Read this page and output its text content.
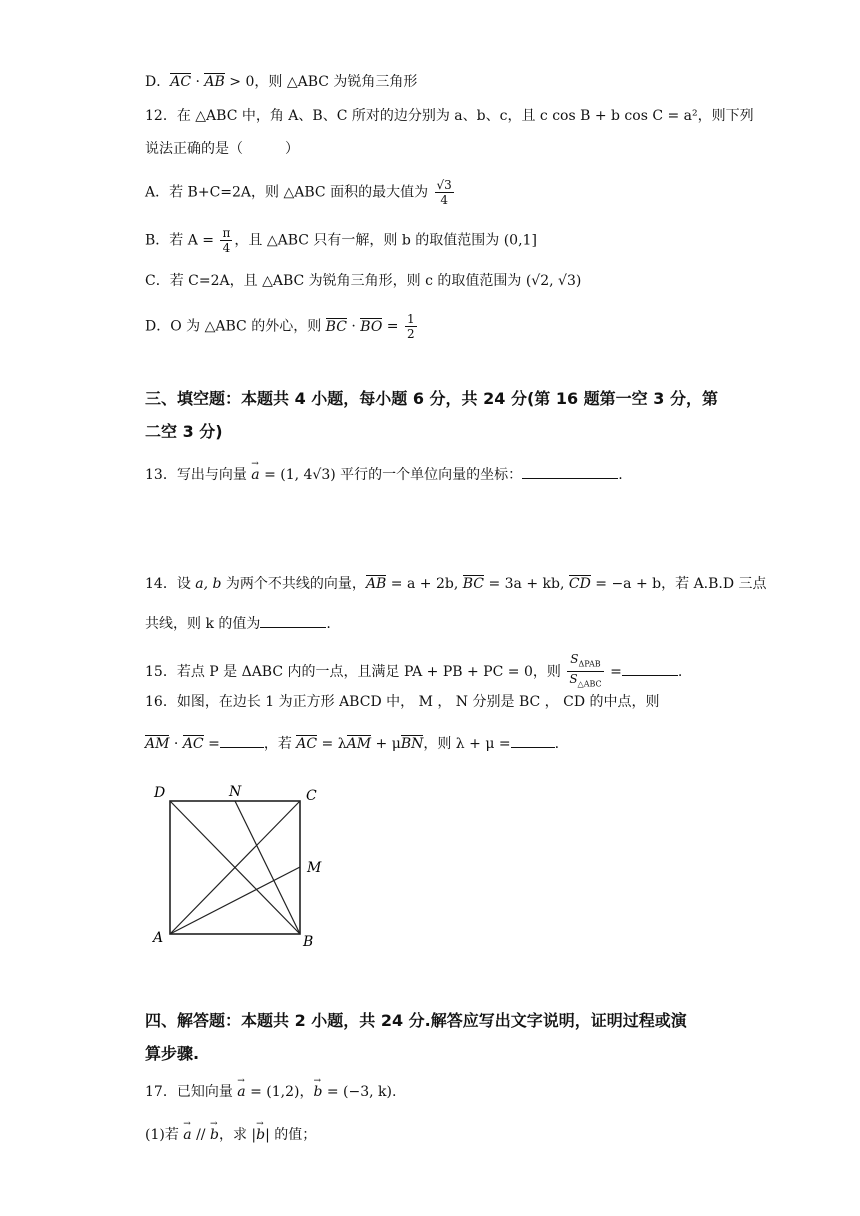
D．AC · AB > 0，则 △ABC 为锐角三角形
12．在 △ABC 中，角 A、B、C 所对的边分别为 a、b、c，且 c cos B + b cos C = a²，则下列
说法正确的是（　　　）
A．若 B+C=2A，则 △ABC 面积的最大值为 $\frac{√3}{4}$
B．若 $A = \frac{\pi}{4}$ ，且 △ABC 只有一解，则 b 的取值范围为 (0,1]
C．若 C=2A，且 △ABC 为锐角三角形，则 c 的取值范围为 (√2, √3)
D．O 为 △ABC 的外心，则 BC · BO = $\frac{1}{2}$
三、填空题：本题共 4 小题，每小题 6 分，共 24 分(第 16 题第一空 3 分，第
二空 3 分)
13．写出与向量 → a = (1, 4√3) 平行的一个单位向量的坐标：	.
14．设 a, b 为两个不共线的向量，AB = a + 2b, BC = 3a + kb, CD = −a + b，若 A.B.D 三点
共线，则 k 的值为	.
15．若点 P 是 ΔABC 内的一点，且满足 PA + PB + PC = 0，则 $\frac{S_{\Delta PAB}}{S_{\triangle ABC}}$ =	.
16．如图，在边长 1 为正方形 ABCD 中， M ， N 分别是 BC ， CD 的中点，则
AM · AC =	，若 AC = λAM + μBN，则 λ + μ =	.
D	N	C
M
A	B
四、解答题：本题共 2 小题，共 24 分.解答应写出文字说明，证明过程或演
算步骤.
17．已知向量 → a = (1,2)，→ b = (−3, k).
(1)若 → a // → b，求 |→ b| 的值；
